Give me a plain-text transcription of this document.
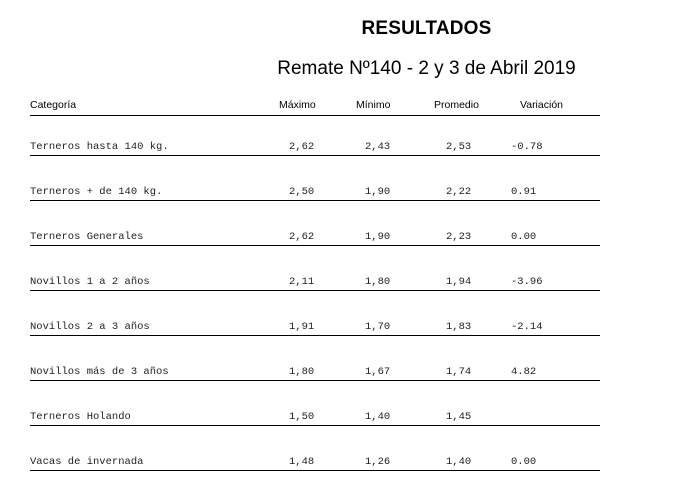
RESULTADOS
Remate Nº140 - 2 y 3 de Abril 2019
Categoría	Máximo	Mínimo	Promedio	Variación
Terneros hasta 140 kg.	2,62	2,43	2,53	-0.78
Terneros + de 140 kg.	2,50	1,90	2,22	0.91
Terneros Generales	2,62	1,90	2,23	0.00
Novillos 1 a 2 años	2,11	1,80	1,94	-3.96
Novillos 2 a 3 años	1,91	1,70	1,83	-2.14
Novillos más de 3 años	1,80	1,67	1,74	4.82
Terneros Holando	1,50	1,40	1,45
Vacas de invernada	1,48	1,26	1,40	0.00
